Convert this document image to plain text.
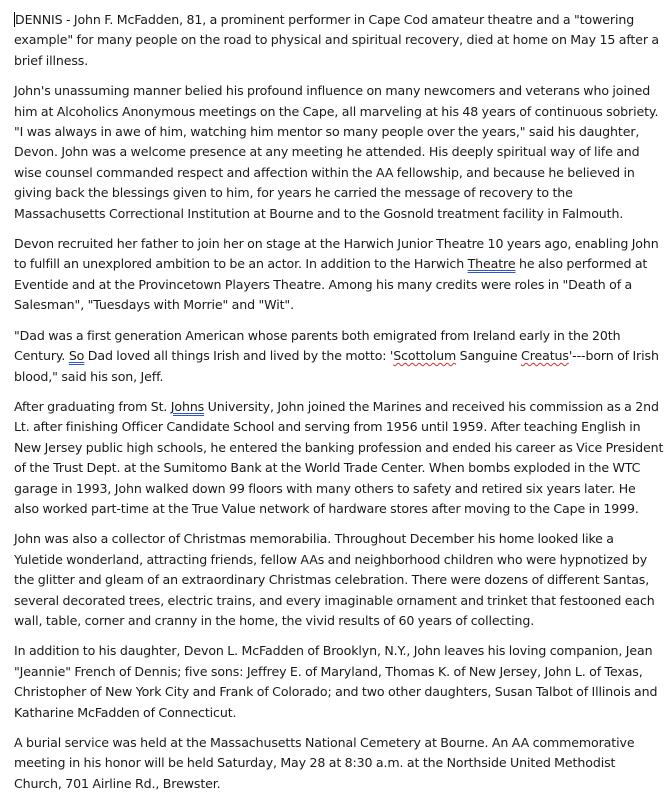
DENNIS - John F. McFadden, 81, a prominent performer in Cape Cod amateur theatre and a "towering example" for many people on the road to physical and spiritual recovery, died at home on May 15 after a brief illness.

John's unassuming manner belied his profound influence on many newcomers and veterans who joined him at Alcoholics Anonymous meetings on the Cape, all marveling at his 48 years of continuous sobriety. "I was always in awe of him, watching him mentor so many people over the years," said his daughter, Devon. John was a welcome presence at any meeting he attended. His deeply spiritual way of life and wise counsel commanded respect and affection within the AA fellowship, and because he believed in giving back the blessings given to him, for years he carried the message of recovery to the Massachusetts Correctional Institution at Bourne and to the Gosnold treatment facility in Falmouth.

Devon recruited her father to join her on stage at the Harwich Junior Theatre 10 years ago, enabling John to fulfill an unexplored ambition to be an actor. In addition to the Harwich Theatre he also performed at Eventide and at the Provincetown Players Theatre. Among his many credits were roles in "Death of a Salesman", "Tuesdays with Morrie" and "Wit".

"Dad was a first generation American whose parents both emigrated from Ireland early in the 20th Century. So Dad loved all things Irish and lived by the motto: 'Scottolum Sanguine Creatus'---born of Irish blood," said his son, Jeff.

After graduating from St. Johns University, John joined the Marines and received his commission as a 2nd Lt. after finishing Officer Candidate School and serving from 1956 until 1959. After teaching English in New Jersey public high schools, he entered the banking profession and ended his career as Vice President of the Trust Dept. at the Sumitomo Bank at the World Trade Center. When bombs exploded in the WTC garage in 1993, John walked down 99 floors with many others to safety and retired six years later. He also worked part-time at the True Value network of hardware stores after moving to the Cape in 1999.

John was also a collector of Christmas memorabilia. Throughout December his home looked like a Yuletide wonderland, attracting friends, fellow AAs and neighborhood children who were hypnotized by the glitter and gleam of an extraordinary Christmas celebration. There were dozens of different Santas, several decorated trees, electric trains, and every imaginable ornament and trinket that festooned each wall, table, corner and cranny in the home, the vivid results of 60 years of collecting.

In addition to his daughter, Devon L. McFadden of Brooklyn, N.Y., John leaves his loving companion, Jean "Jeannie" French of Dennis; five sons: Jeffrey E. of Maryland, Thomas K. of New Jersey, John L. of Texas, Christopher of New York City and Frank of Colorado; and two other daughters, Susan Talbot of Illinois and Katharine McFadden of Connecticut.

A burial service was held at the Massachusetts National Cemetery at Bourne. An AA commemorative meeting in his honor will be held Saturday, May 28 at 8:30 a.m. at the Northside United Methodist Church, 701 Airline Rd., Brewster.
